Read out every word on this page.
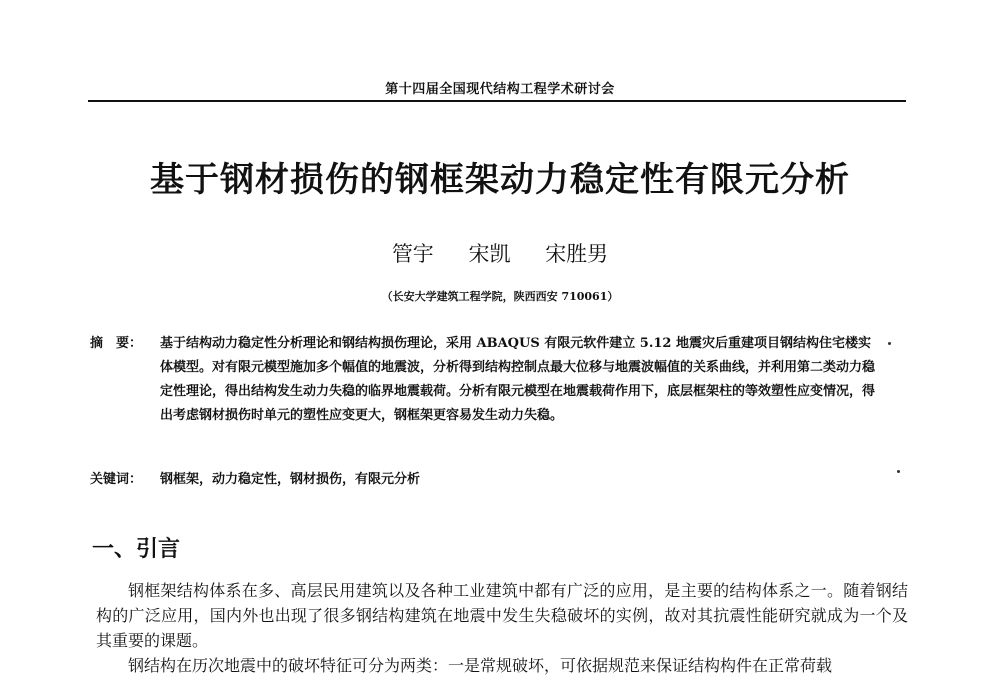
第十四届全国现代结构工程学术研讨会
基于钢材损伤的钢框架动力稳定性有限元分析
管宇 宋凯 宋胜男
（长安大学建筑工程学院，陕西西安 710061）
摘　要：	基于结构动力稳定性分析理论和钢结构损伤理论，采用 ABAQUS 有限元软件建立 5.12 地震灾后重建项目钢结构住宅楼实体模型。对有限元模型施加多个幅值的地震波，分析得到结构控制点最大位移与地震波幅值的关系曲线，并利用第二类动力稳定性理论，得出结构发生动力失稳的临界地震载荷。分析有限元模型在地震载荷作用下，底层框架柱的等效塑性应变情况，得出考虑钢材损伤时单元的塑性应变更大，钢框架更容易发生动力失稳。
关键词： 钢框架，动力稳定性，钢材损伤，有限元分析
一、引言

钢框架结构体系在多、高层民用建筑以及各种工业建筑中都有广泛的应用，是主要的结构体系之一。随着钢结构的广泛应用，国内外也出现了很多钢结构建筑在地震中发生失稳破坏的实例，故对其抗震性能研究就成为一个及其重要的课题。

钢结构在历次地震中的破坏特征可分为两类：一是常规破坏，可依据规范来保证结构构件在正常荷载
